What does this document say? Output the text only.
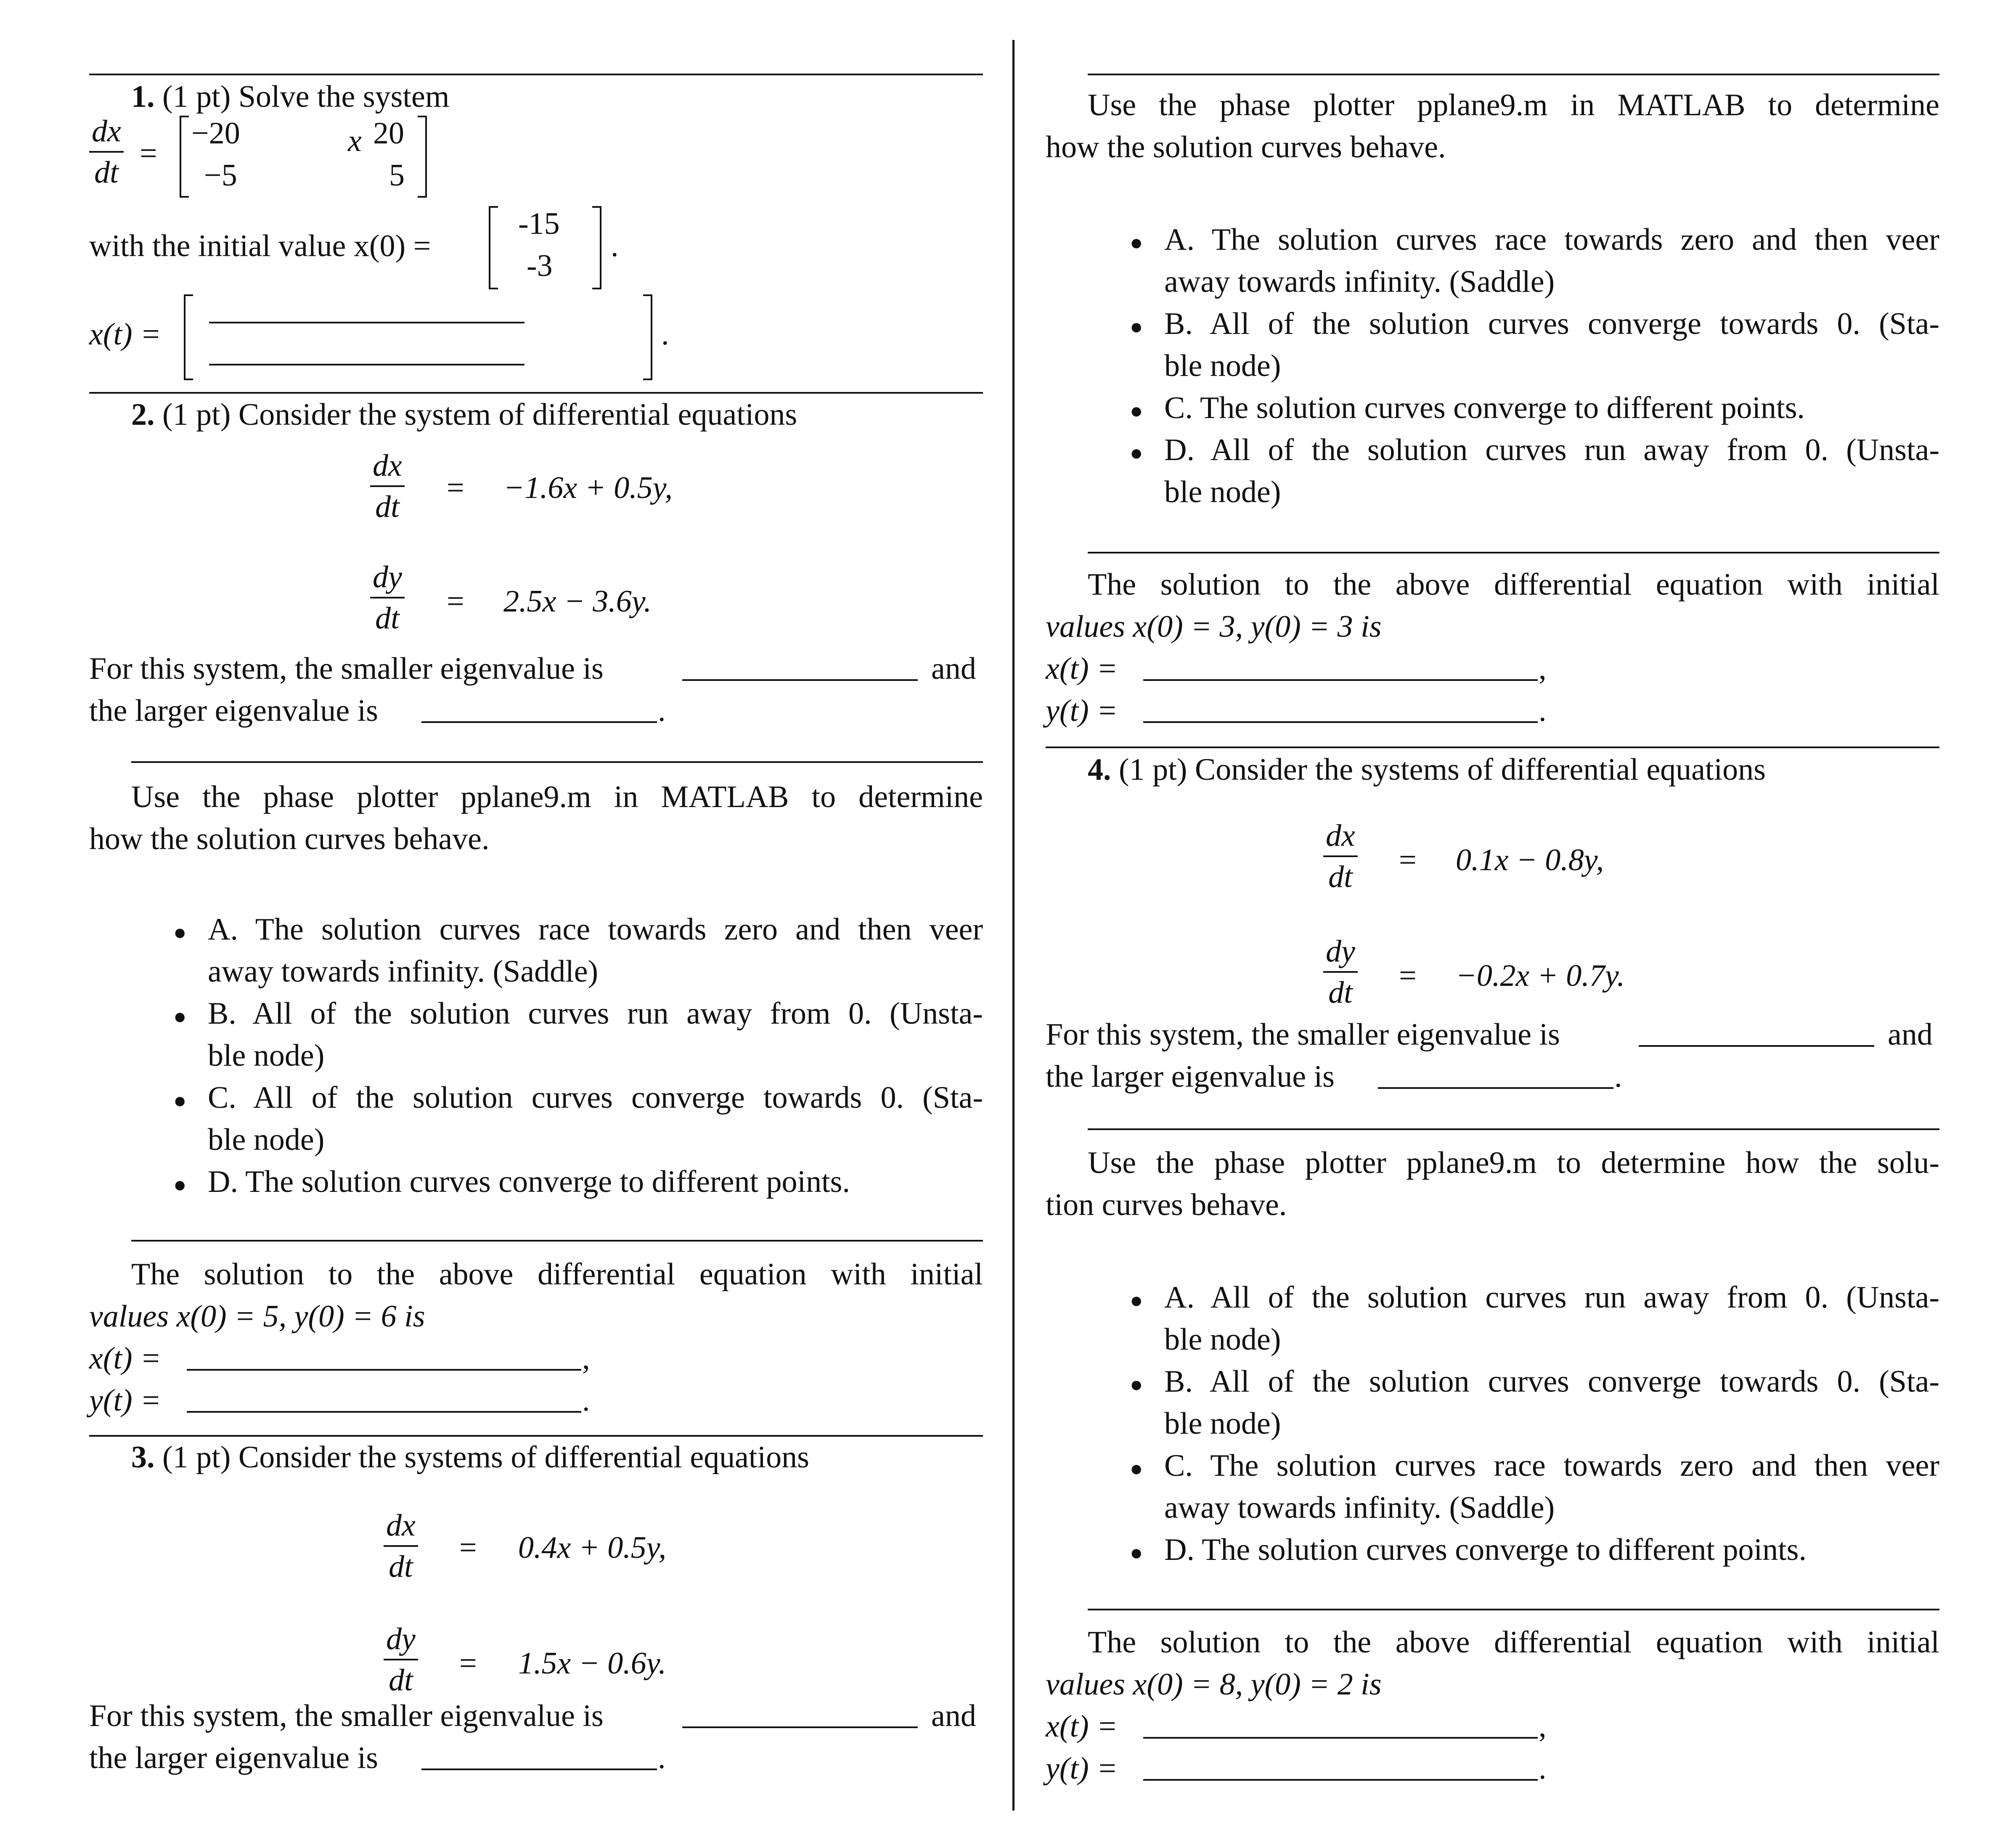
1. (1 pt) Solve the system
$\frac{dx}{dt}$ =
−20	20
−5	5
x
with the initial value x(0) =
-15
-3
.
x(t) =	.
2. (1 pt) Consider the system of differential equations
$\frac{dx}{dt} = -1.6x + 0.5y$,
$\frac{dy}{dt} = 2.5x - 3.6y$.
For this system, the smaller eigenvalue is	and
the larger eigenvalue is	.
Use the phase plotter pplane9.m in MATLAB to determine
how the solution curves behave.
● A. The solution curves race towards zero and then veer
away towards infinity. (Saddle)
● B. All of the solution curves run away from 0. (Unsta-
ble node)
● C. All of the solution curves converge towards 0. (Sta-
ble node)
● D. The solution curves converge to different points.
The solution to the above differential equation with initial
values x(0) = 5, y(0) = 6 is
x(t) =	,
y(t) =	.
3. (1 pt) Consider the systems of differential equations
$\frac{dx}{dt} = 0.4x + 0.5y$,
$\frac{dy}{dt} = 1.5x - 0.6y$.
For this system, the smaller eigenvalue is	and
the larger eigenvalue is	.
Use the phase plotter pplane9.m in MATLAB to determine
how the solution curves behave.
● A. The solution curves race towards zero and then veer
away towards infinity. (Saddle)
● B. All of the solution curves converge towards 0. (Sta-
ble node)
● C. The solution curves converge to different points.
● D. All of the solution curves run away from 0. (Unsta-
ble node)
The solution to the above differential equation with initial
values x(0) = 3, y(0) = 3 is
x(t) =	,
y(t) =	.
4. (1 pt) Consider the systems of differential equations
$\frac{dx}{dt} = 0.1x - 0.8y$,
$\frac{dy}{dt} = -0.2x + 0.7y$.
For this system, the smaller eigenvalue is	and
the larger eigenvalue is	.
Use the phase plotter pplane9.m to determine how the solu-
tion curves behave.
● A. All of the solution curves run away from 0. (Unsta-
ble node)
● B. All of the solution curves converge towards 0. (Sta-
ble node)
● C. The solution curves race towards zero and then veer
away towards infinity. (Saddle)
● D. The solution curves converge to different points.
The solution to the above differential equation with initial
values x(0) = 8, y(0) = 2 is
x(t) =	,
y(t) =	.
